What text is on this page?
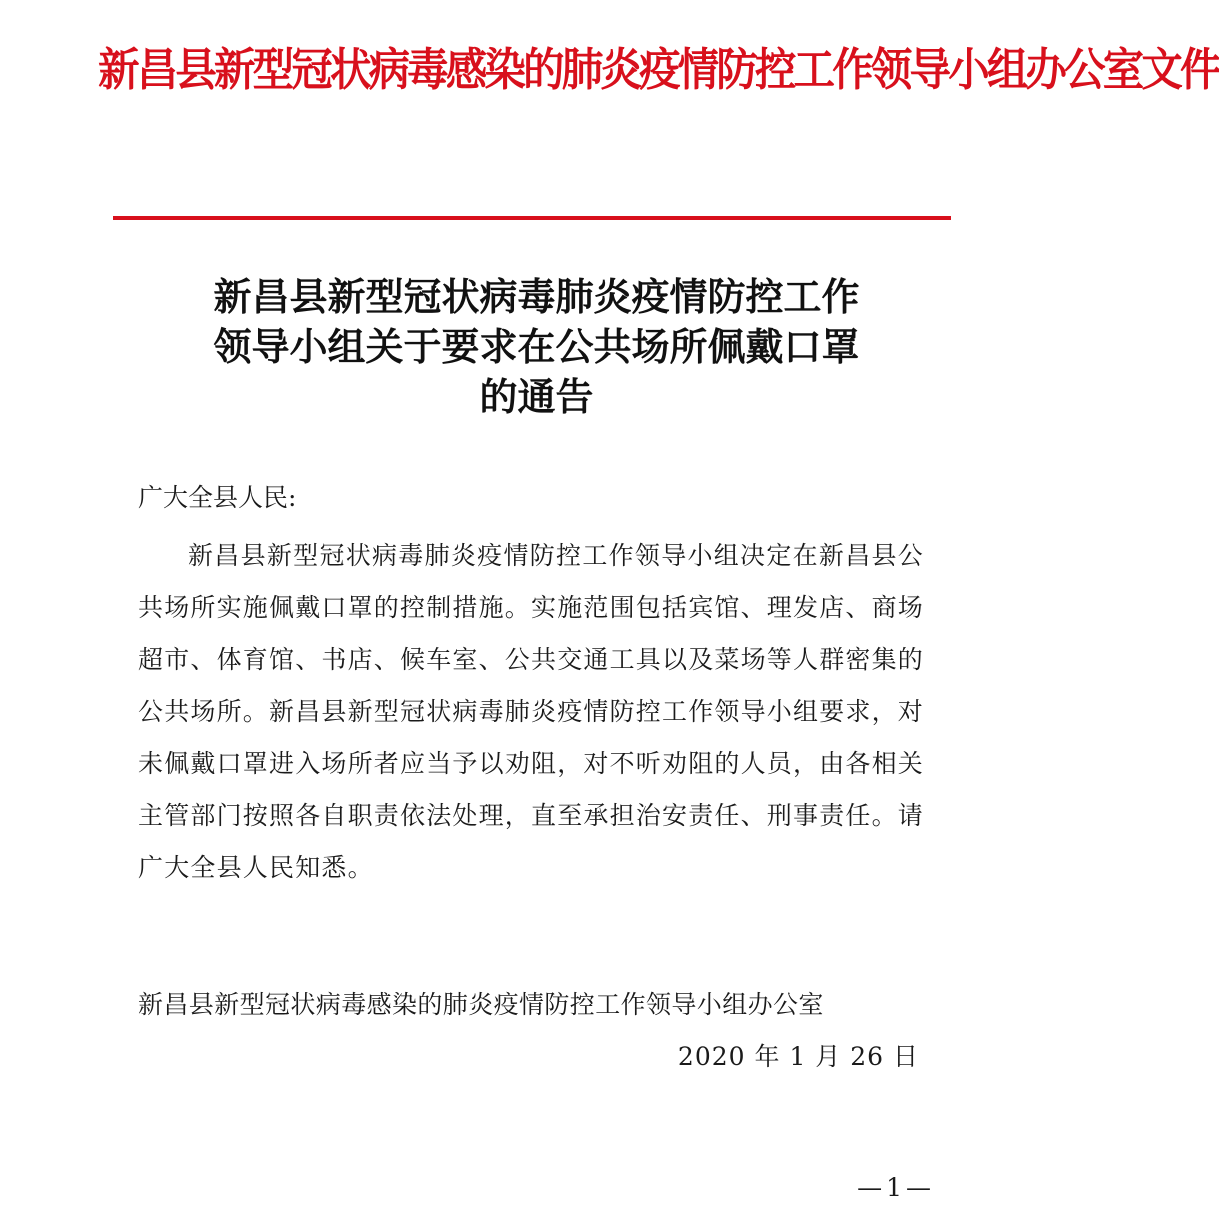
新昌县新型冠状病毒感染的肺炎疫情防控工作领导小组办公室文件
新昌县新型冠状病毒肺炎疫情防控工作
领导小组关于要求在公共场所佩戴口罩
的通告
广大全县人民:
新昌县新型冠状病毒肺炎疫情防控工作领导小组决定在新昌县公共场所实施佩戴口罩的控制措施。实施范围包括宾馆、理发店、商场超市、体育馆、书店、候车室、公共交通工具以及菜场等人群密集的公共场所。新昌县新型冠状病毒肺炎疫情防控工作领导小组要求，对未佩戴口罩进入场所者应当予以劝阻，对不听劝阻的人员，由各相关主管部门按照各自职责依法处理，直至承担治安责任、刑事责任。请广大全县人民知悉。
新昌县新型冠状病毒感染的肺炎疫情防控工作领导小组办公室
2020 年 1 月 26 日
—1—
